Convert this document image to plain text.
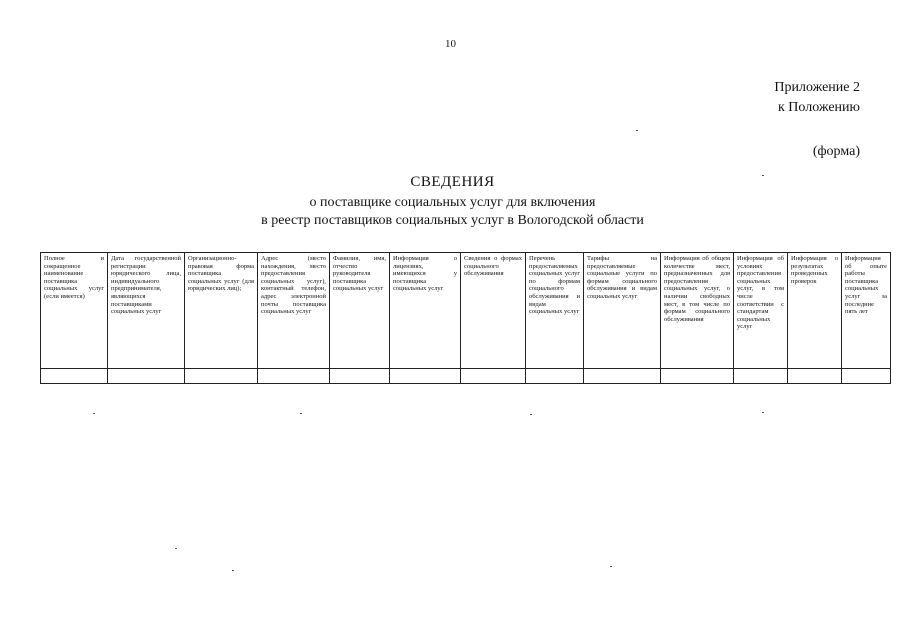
10
Приложение 2
к Положению
(форма)
СВЕДЕНИЯ
о поставщике социальных услуг для включения
в реестр поставщиков социальных услуг в Вологодской области
Полное и сокращенное наименование поставщика социальных услуг (если имеется)	Дата государственной регистрации юридического лица, индивидуального предпринимателя, являющихся поставщиками социальных услуг	Организационно-правовая форма поставщика социальных услуг (для юридических лиц);	Адрес (место нахождения, место предоставления социальных услуг), контактный телефон, адрес электронной почты поставщика социальных услуг	Фамилия, имя, отчество руководителя поставщика социальных услуг	Информация о лицензиях, имеющихся у поставщика социальных услуг	Сведения о формах социального обслуживания	Перечень предоставляемых социальных услуг по формам социального обслуживания и видам социальных услуг	Тарифы на предоставляемые социальные услуги по формам социального обслуживания и видам социальных услуг	Информация об общем количестве мест, предназначенных для предоставления социальных услуг, о наличии свободных мест, в том числе по формам социального обслуживания	Информация об условиях предоставления социальных услуг, в том числе соответствии с стандартам социальных услуг	Информация о результатах проведенных проверок	Информация об опыте работы поставщика социальных услуг за последние пять лет
